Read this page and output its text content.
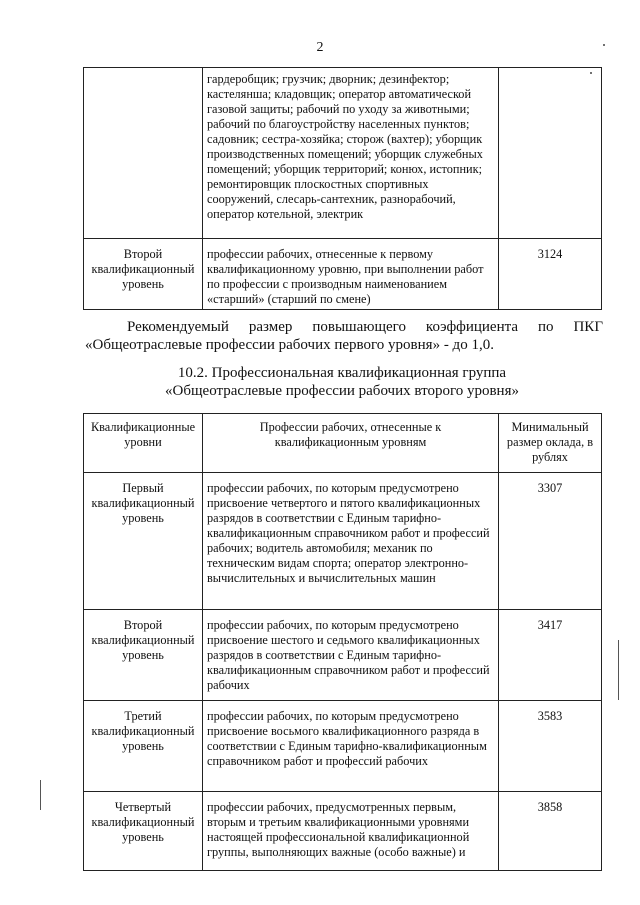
2
	гардеробщик; грузчик; дворник; дезинфектор; кастелянша; кладовщик; оператор автоматической газовой защиты; рабочий по уходу за животными; рабочий по благоустройству населенных пунктов; садовник; сестра-хозяйка; сторож (вахтер); уборщик производственных помещений; уборщик служебных помещений; уборщик территорий; конюх, истопник; ремонтировщик плоскостных спортивных сооружений, слесарь-сантехник, разнорабочий, оператор котельной, электрик	
Второй квалификационный уровень	профессии рабочих, отнесенные к первому квалификационному уровню, при выполнении работ по профессии с производным наименованием «старший» (старший по смене)	3124
Рекомендуемый размер повышающего коэффициента по ПКГ «Общеотраслевые профессии рабочих первого уровня» - до 1,0.
10.2. Профессиональная квалификационная группа
«Общеотраслевые профессии рабочих второго уровня»
Квалификационные уровни	Профессии рабочих, отнесенные к квалификационным уровням	Минимальный размер оклада, в рублях
Первый квалификационный уровень	профессии рабочих, по которым предусмотрено присвоение четвертого и пятого квалификационных разрядов в соответствии с Единым тарифно-квалификационным справочником работ и профессий рабочих; водитель автомобиля; механик по техническим видам спорта; оператор электронно-вычислительных и вычислительных машин	3307
Второй квалификационный уровень	профессии рабочих, по которым предусмотрено присвоение шестого и седьмого квалификационных разрядов в соответствии с Единым тарифно-квалификационным справочником работ и профессий рабочих	3417
Третий квалификационный уровень	профессии рабочих, по которым предусмотрено присвоение восьмого квалификационного разряда в соответствии с Единым тарифно-квалификационным справочником работ и профессий рабочих	3583
Четвертый квалификационный уровень	профессии рабочих, предусмотренных первым, вторым и третьим квалификационными уровнями настоящей профессиональной квалификационной группы, выполняющих важные (особо важные) и	3858
